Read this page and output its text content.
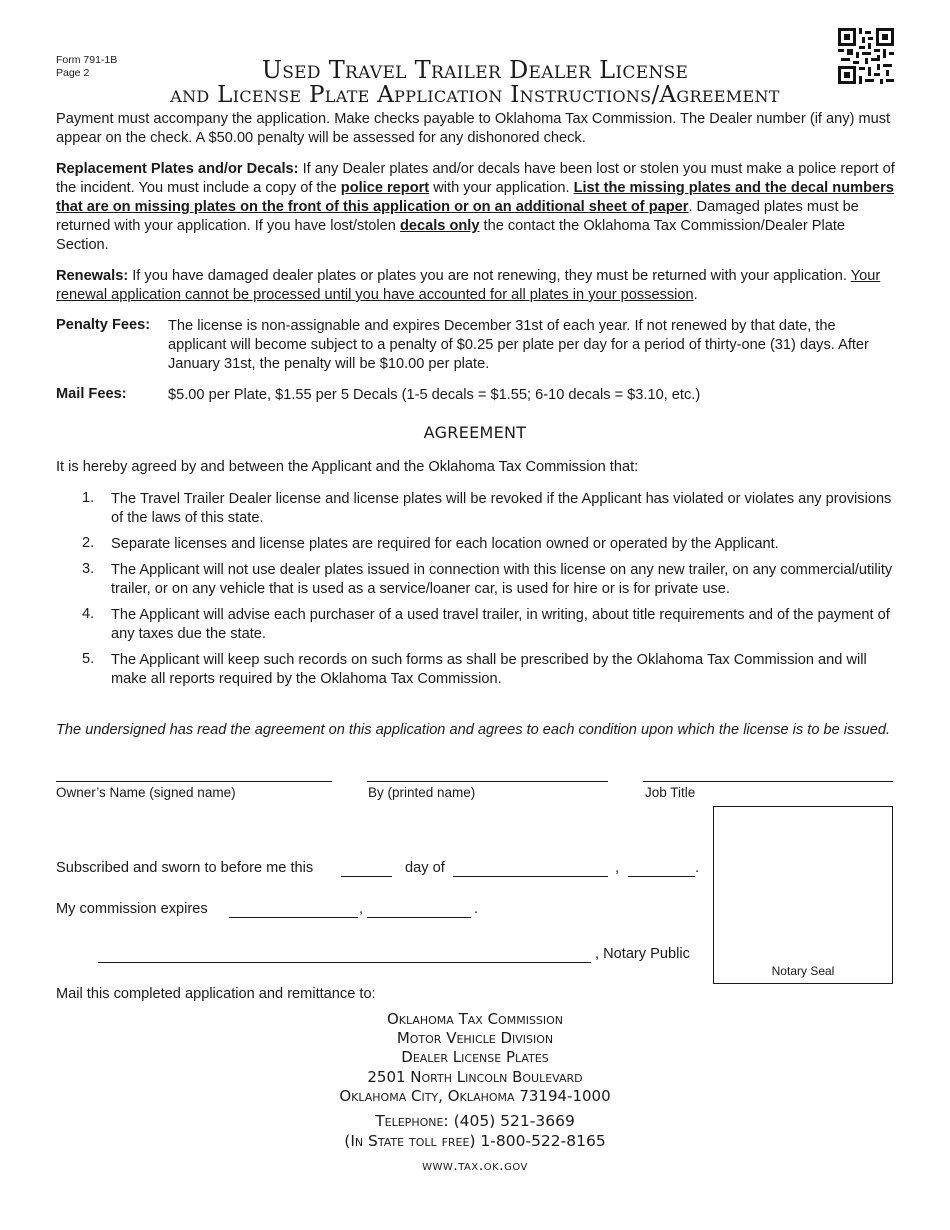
Form 791-1B
Page 2	Used Travel Trailer Dealer License
and License Plate Application Instructions/Agreement
Payment must accompany the application. Make checks payable to Oklahoma Tax Commission. The Dealer number (if any) must appear on the check. A $50.00 penalty will be assessed for any dishonored check.
Replacement Plates and/or Decals: If any Dealer plates and/or decals have been lost or stolen you must make a police report of the incident. You must include a copy of the police report with your application. List the missing plates and the decal numbers that are on missing plates on the front of this application or on an additional sheet of paper. Damaged plates must be returned with your application. If you have lost/stolen decals only the contact the Oklahoma Tax Commission/Dealer Plate Section.
Renewals: If you have damaged dealer plates or plates you are not renewing, they must be returned with your application. Your renewal application cannot be processed until you have accounted for all plates in your possession.
Penalty Fees: The license is non-assignable and expires December 31st of each year. If not renewed by that date, the applicant will become subject to a penalty of $0.25 per plate per day for a period of thirty-one (31) days. After January 31st, the penalty will be $10.00 per plate.
Mail Fees:	$5.00 per Plate, $1.55 per 5 Decals (1-5 decals = $1.55; 6-10 decals = $3.10, etc.)
AGREEMENT
It is hereby agreed by and between the Applicant and the Oklahoma Tax Commission that:
1.	The Travel Trailer Dealer license and license plates will be revoked if the Applicant has violated or violates any provisions of the laws of this state.
2.	Separate licenses and license plates are required for each location owned or operated by the Applicant.
3.	The Applicant will not use dealer plates issued in connection with this license on any new trailer, on any commercial/utility trailer, or on any vehicle that is used as a service/loaner car, is used for hire or is for private use.
4.	The Applicant will advise each purchaser of a used travel trailer, in writing, about title requirements and of the payment of any taxes due the state.
5.	The Applicant will keep such records on such forms as shall be prescribed by the Oklahoma Tax Commission and will make all reports required by the Oklahoma Tax Commission.
The undersigned has read the agreement on this application and agrees to each condition upon which the license is to be issued.
Owner’s Name (signed name)	By (printed name)	Job Title
Notary Seal
Subscribed and sworn to before me this	day of	,	.
My commission expires	,	.
, Notary Public
Mail this completed application and remittance to:
Oklahoma Tax Commission
Motor Vehicle Division
Dealer License Plates
2501 North Lincoln Boulevard
Oklahoma City, Oklahoma 73194-1000
Telephone: (405) 521-3669
(In State toll free) 1-800-522-8165
www.tax.ok.gov
